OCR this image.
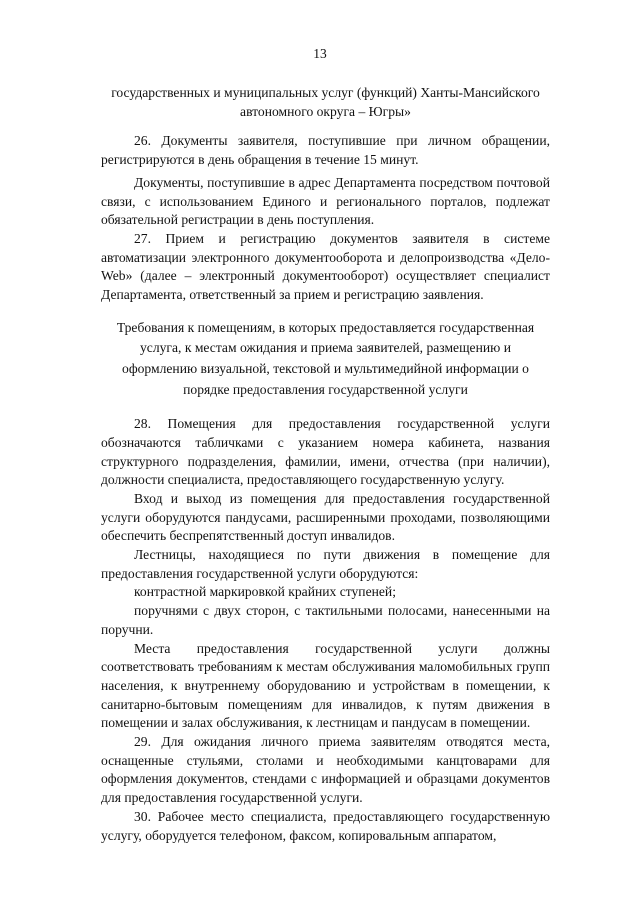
13

государственных и муниципальных услуг (функций) Ханты-Мансийского автономного округа – Югры»

26. Документы заявителя, поступившие при личном обращении, регистрируются в день обращения в течение 15 минут.

Документы, поступившие в адрес Департамента посредством почтовой связи, с использованием Единого и регионального порталов, подлежат обязательной регистрации в день поступления.

27. Прием и регистрацию документов заявителя в системе автоматизации электронного документооборота и делопроизводства «Дело-Web» (далее – электронный документооборот) осуществляет специалист Департамента, ответственный за прием и регистрацию заявления.

Требования к помещениям, в которых предоставляется государственная услуга, к местам ожидания и приема заявителей, размещению и оформлению визуальной, текстовой и мультимедийной информации о порядке предоставления государственной услуги

28. Помещения для предоставления государственной услуги обозначаются табличками с указанием номера кабинета, названия структурного подразделения, фамилии, имени, отчества (при наличии), должности специалиста, предоставляющего государственную услугу.

Вход и выход из помещения для предоставления государственной услуги оборудуются пандусами, расширенными проходами, позволяющими обеспечить беспрепятственный доступ инвалидов.

Лестницы, находящиеся по пути движения в помещение для предоставления государственной услуги оборудуются:

контрастной маркировкой крайних ступеней;

поручнями с двух сторон, с тактильными полосами, нанесенными на поручни.

Места предоставления государственной услуги должны соответствовать требованиям к местам обслуживания маломобильных групп населения, к внутреннему оборудованию и устройствам в помещении, к санитарно-бытовым помещениям для инвалидов, к путям движения в помещении и залах обслуживания, к лестницам и пандусам в помещении.

29. Для ожидания личного приема заявителям отводятся места, оснащенные стульями, столами и необходимыми канцтоварами для оформления документов, стендами с информацией и образцами документов для предоставления государственной услуги.

30. Рабочее место специалиста, предоставляющего государственную услугу, оборудуется телефоном, факсом, копировальным аппаратом,
